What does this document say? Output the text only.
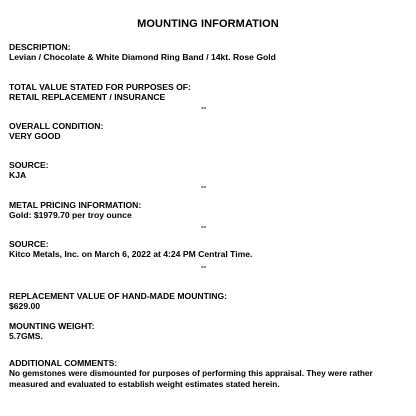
MOUNTING INFORMATION
DESCRIPTION:
Levian / Chocolate & White Diamond Ring Band / 14kt. Rose Gold
TOTAL VALUE STATED FOR PURPOSES OF:
RETAIL REPLACEMENT / INSURANCE
--
OVERALL CONDITION:
VERY GOOD
SOURCE:
KJA
--
METAL PRICING INFORMATION:
Gold: $1979.70 per troy ounce
--
SOURCE:
Kitco Metals, Inc. on March 6, 2022 at 4:24 PM Central Time.
--
REPLACEMENT VALUE OF HAND-MADE MOUNTING:
$629.00
MOUNTING WEIGHT:
5.7GMS.
ADDITIONAL COMMENTS:
No gemstones were dismounted for purposes of performing this appraisal. They were rather
measured and evaluated to establish weight estimates stated herein.
